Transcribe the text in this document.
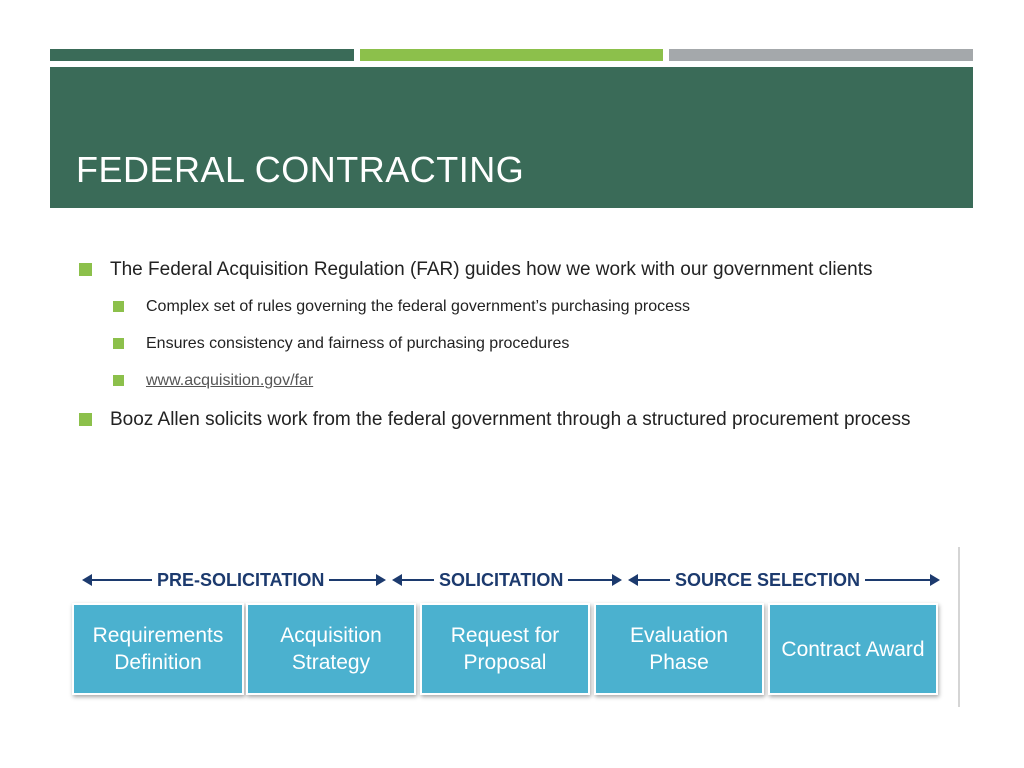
FEDERAL CONTRACTING
The Federal Acquisition Regulation (FAR) guides how we work with our government clients
Complex set of rules governing the federal government’s purchasing process
Ensures consistency and fairness of purchasing procedures
www.acquisition.gov/far
Booz Allen solicits work from the federal government through a structured procurement process
PRE-SOLICITATION	SOLICITATION	SOURCE SELECTION
Requirements Definition
Acquisition Strategy
Request for Proposal
Evaluation Phase
Contract Award
